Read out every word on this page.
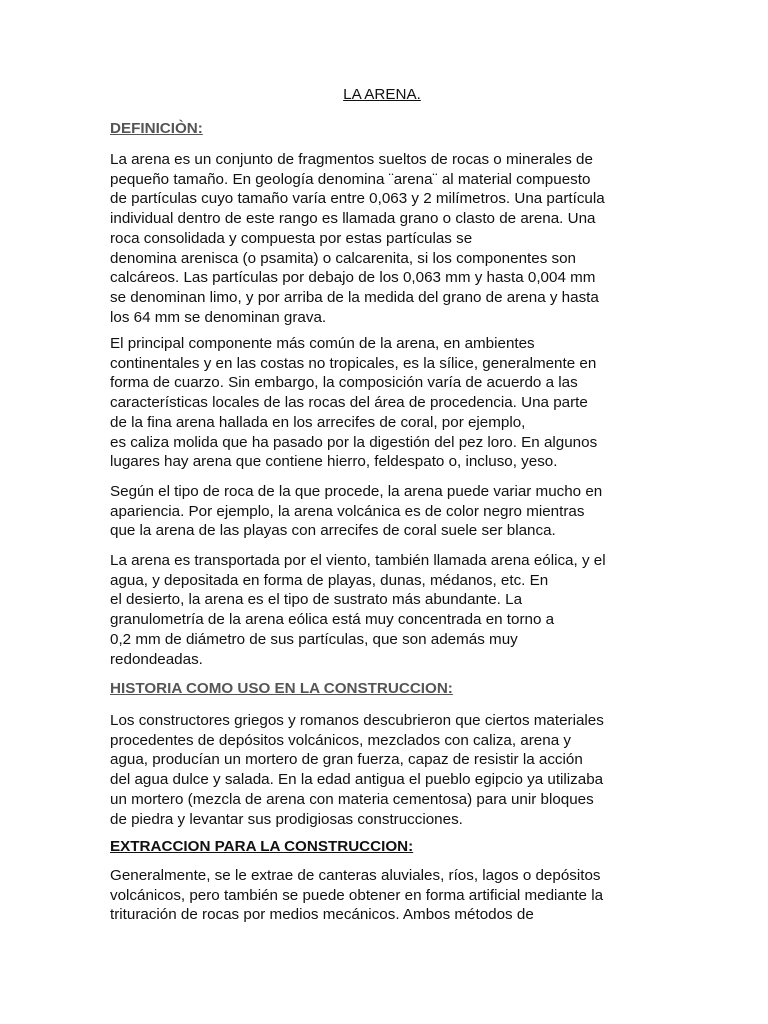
LA ARENA.
DEFINICIÒN:
La arena es un conjunto de fragmentos sueltos de rocas o minerales de
pequeño tamaño. En geología denomina ¨arena¨ al material compuesto
de partículas cuyo tamaño varía entre 0,063 y 2 milímetros. Una partícula
individual dentro de este rango es llamada grano o clasto de arena. Una
roca consolidada y compuesta por estas partículas se
denomina arenisca (o psamita) o calcarenita, si los componentes son
calcáreos. Las partículas por debajo de los 0,063 mm y hasta 0,004 mm
se denominan limo, y por arriba de la medida del grano de arena y hasta
los 64 mm se denominan grava.
El principal componente más común de la arena, en ambientes
continentales y en las costas no tropicales, es la sílice, generalmente en
forma de cuarzo. Sin embargo, la composición varía de acuerdo a las
características locales de las rocas del área de procedencia. Una parte
de la fina arena hallada en los arrecifes de coral, por ejemplo,
es caliza molida que ha pasado por la digestión del pez loro. En algunos
lugares hay arena que contiene hierro, feldespato o, incluso, yeso.
Según el tipo de roca de la que procede, la arena puede variar mucho en
apariencia. Por ejemplo, la arena volcánica es de color negro mientras
que la arena de las playas con arrecifes de coral suele ser blanca.
La arena es transportada por el viento, también llamada arena eólica, y el
agua, y depositada en forma de playas, dunas, médanos, etc. En
el desierto, la arena es el tipo de sustrato más abundante. La
granulometría de la arena eólica está muy concentrada en torno a
0,2 mm de diámetro de sus partículas, que son además muy
redondeadas.
HISTORIA COMO USO EN LA CONSTRUCCION:
Los constructores griegos y romanos descubrieron que ciertos materiales
procedentes de depósitos volcánicos, mezclados con caliza, arena y
agua, producían un mortero de gran fuerza, capaz de resistir la acción
del agua dulce y salada. En la edad antigua el pueblo egipcio ya utilizaba
un mortero (mezcla de arena con materia cementosa) para unir bloques
de piedra y levantar sus prodigiosas construcciones.
EXTRACCION PARA LA CONSTRUCCION:
Generalmente, se le extrae de canteras aluviales, ríos, lagos o depósitos
volcánicos, pero también se puede obtener en forma artificial mediante la
trituración de rocas por medios mecánicos. Ambos métodos de
